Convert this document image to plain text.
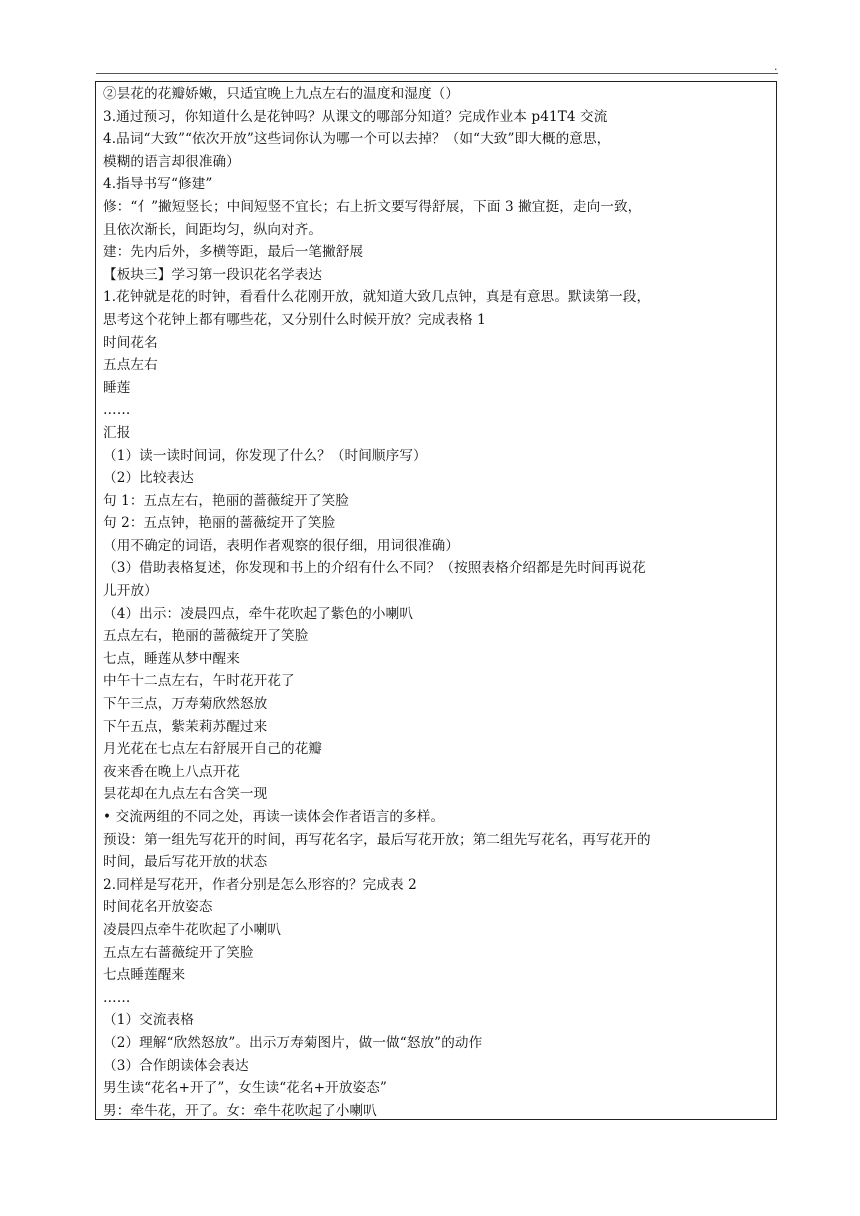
.
②昙花的花瓣娇嫩，只适宜晚上九点左右的温度和湿度（）
3.通过预习，你知道什么是花钟吗？从课文的哪部分知道？完成作业本 p41T4 交流
4.品词“大致”“依次开放”这些词你认为哪一个可以去掉？（如“大致”即大概的意思，
模糊的语言却很准确）
4.指导书写“修建”
修：“亻”撇短竖长；中间短竖不宜长；右上折文要写得舒展，下面 3 撇宜挺，走向一致，
且依次渐长，间距均匀，纵向对齐。
建：先内后外，多横等距，最后一笔撇舒展
【板块三】学习第一段识花名学表达
1.花钟就是花的时钟，看看什么花刚开放，就知道大致几点钟，真是有意思。默读第一段，
思考这个花钟上都有哪些花，又分别什么时候开放？完成表格 1
时间花名
五点左右
睡莲
……
汇报
（1）读一读时间词，你发现了什么？（时间顺序写）
（2）比较表达
句 1：五点左右，艳丽的蔷薇绽开了笑脸
句 2：五点钟，艳丽的蔷薇绽开了笑脸
（用不确定的词语，表明作者观察的很仔细，用词很准确）
（3）借助表格复述，你发现和书上的介绍有什么不同？（按照表格介绍都是先时间再说花
儿开放）
（4）出示：凌晨四点，牵牛花吹起了紫色的小喇叭
五点左右，艳丽的蔷薇绽开了笑脸
七点，睡莲从梦中醒来
中午十二点左右，午时花开花了
下午三点，万寿菊欣然怒放
下午五点，紫茉莉苏醒过来
月光花在七点左右舒展开自己的花瓣
夜来香在晚上八点开花
昙花却在九点左右含笑一现
• 交流两组的不同之处，再读一读体会作者语言的多样。
预设：第一组先写花开的时间，再写花名字，最后写花开放；第二组先写花名，再写花开的
时间，最后写花开放的状态
2.同样是写花开，作者分别是怎么形容的？完成表 2
时间花名开放姿态
凌晨四点牵牛花吹起了小喇叭
五点左右蔷薇绽开了笑脸
七点睡莲醒来
……
（1）交流表格
（2）理解“欣然怒放”。出示万寿菊图片，做一做“怒放”的动作
（3）合作朗读体会表达
男生读“花名+开了”，女生读“花名+开放姿态”
男：牵牛花，开了。女：牵牛花吹起了小喇叭
